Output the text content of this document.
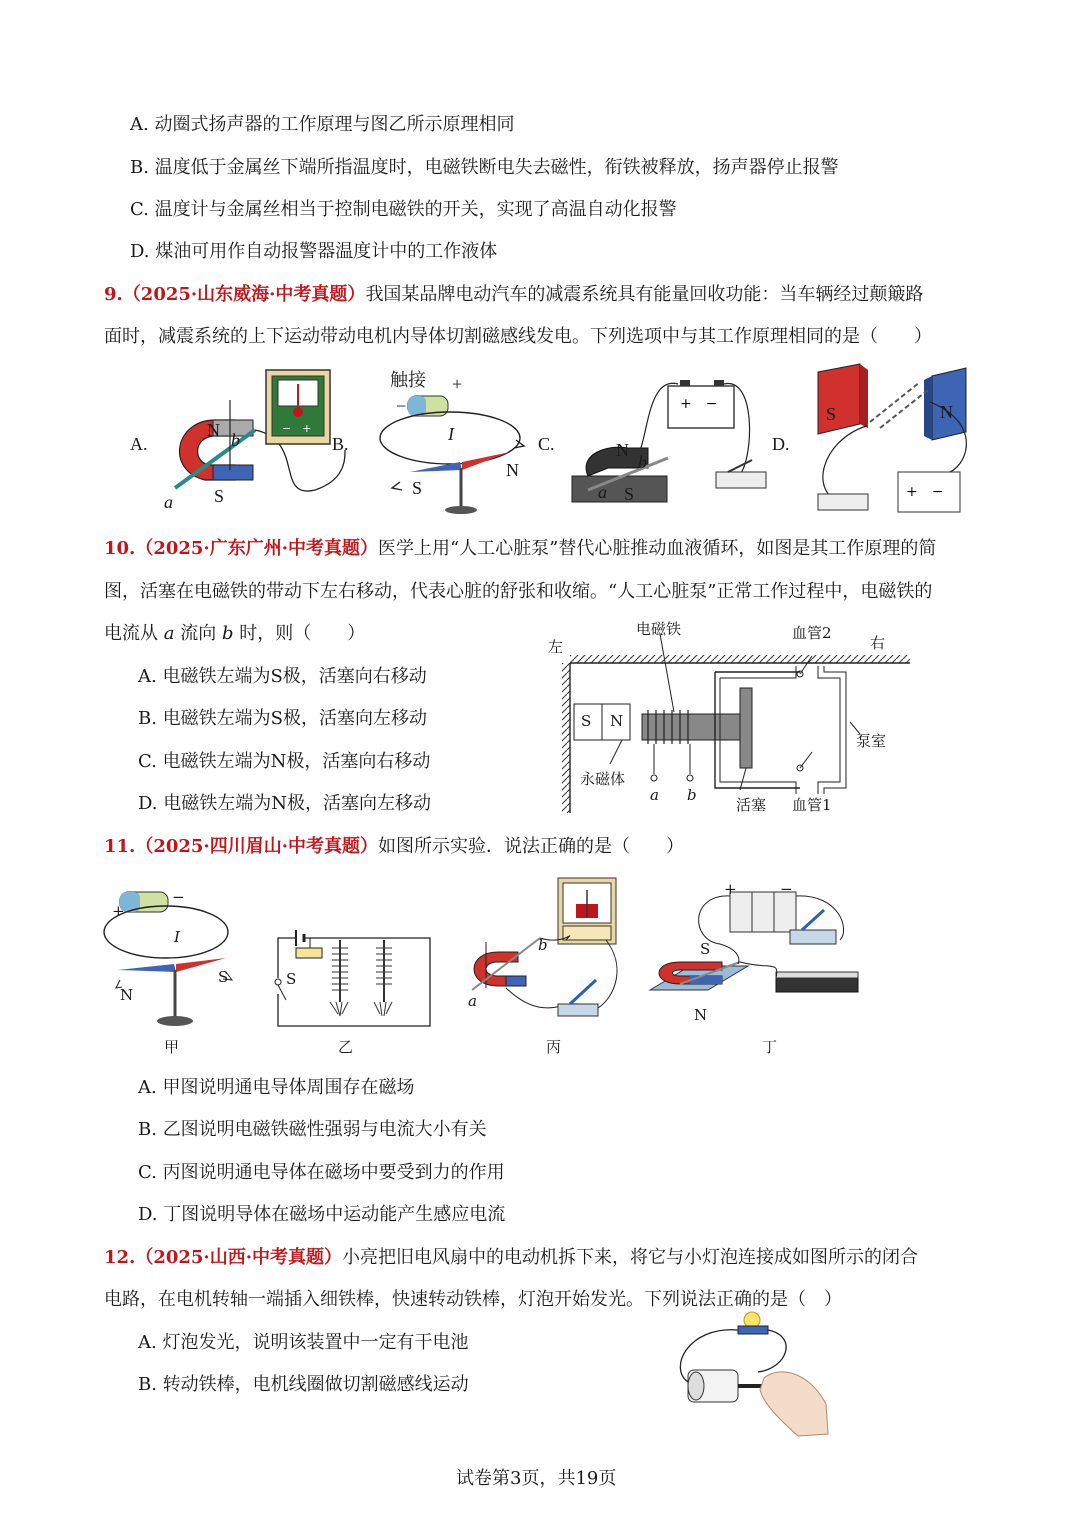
A. 动圈式扬声器的工作原理与图乙所示原理相同
B. 温度低于金属丝下端所指温度时，电磁铁断电失去磁性，衔铁被释放，扬声器停止报警
C. 温度计与金属丝相当于控制电磁铁的开关，实现了高温自动化报警
D. 煤油可用作自动报警器温度计中的工作液体
9.（2025·山东威海·中考真题）我国某品牌电动汽车的减震系统具有能量回收功能：当车辆经过颠簸路
面时，减震系统的上下运动带动电机内导体切割磁感线发电。下列选项中与其工作原理相同的是（　　）
A.
N b
S
a
−　+
B.
触接 +
−
I
N
S
C.
+　−
N
b
a S
D.
+　−
S	N
10.（2025·广东广州·中考真题）医学上用“人工心脏泵”替代心脏推动血液循环，如图是其工作原理的简
图，活塞在电磁铁的带动下左右移动，代表心脏的舒张和收缩。“人工心脏泵”正常工作过程中，电磁铁的
电流从 a 流向 b 时，则（　　）
A. 电磁铁左端为S极，活塞向右移动
B. 电磁铁左端为S极，活塞向左移动
C. 电磁铁左端为N极，活塞向右移动
D. 电磁铁左端为N极，活塞向左移动
左	右
电磁铁	血管2
泵室
永磁体
活塞 血管1
S N
a b
11.（2025·四川眉山·中考真题）如图所示实验．说法正确的是（　　）
+
−
I
N
S	S
b
a
S
N
+	−
甲	乙	丙	丁
A. 甲图说明通电导体周围存在磁场
B. 乙图说明电磁铁磁性强弱与电流大小有关
C. 丙图说明通电导体在磁场中要受到力的作用
D. 丁图说明导体在磁场中运动能产生感应电流
12.（2025·山西·中考真题）小亮把旧电风扇中的电动机拆下来，将它与小灯泡连接成如图所示的闭合
电路，在电机转轴一端插入细铁棒，快速转动铁棒，灯泡开始发光。下列说法正确的是（　）
A. 灯泡发光，说明该装置中一定有干电池
B. 转动铁棒，电机线圈做切割磁感线运动
试卷第3页，共19页
